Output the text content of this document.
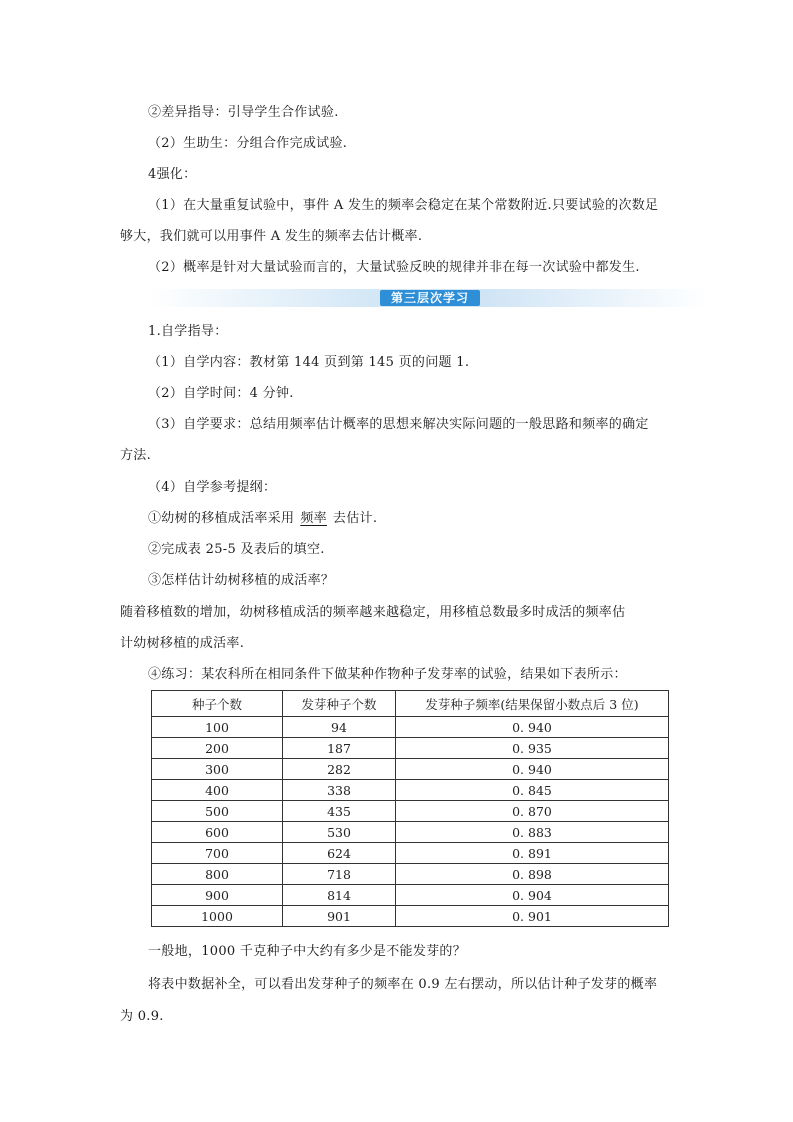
②差异指导：引导学生合作试验.
（2）生助生：分组合作完成试验.
4强化：
（1）在大量重复试验中，事件 A 发生的频率会稳定在某个常数附近.只要试验的次数足
够大，我们就可以用事件 A 发生的频率去估计概率.
（2）概率是针对大量试验而言的，大量试验反映的规律并非在每一次试验中都发生.
第三层次学习
1.自学指导：
（1）自学内容：教材第 144 页到第 145 页的问题 1.
（2）自学时间：4 分钟.
（3）自学要求：总结用频率估计概率的思想来解决实际问题的一般思路和频率的确定
方法.
（4）自学参考提纲：
①幼树的移植成活率采用 频率 去估计.
②完成表 25-5 及表后的填空.
③怎样估计幼树移植的成活率？
随着移植数的增加，幼树移植成活的频率越来越稳定，用移植总数最多时成活的频率估
计幼树移植的成活率.
④练习：某农科所在相同条件下做某种作物种子发芽率的试验，结果如下表所示：
种子个数	发芽种子个数	发芽种子频率(结果保留小数点后 3 位)
100	94	0. 940
200	187	0. 935
300	282	0. 940
400	338	0. 845
500	435	0. 870
600	530	0. 883
700	624	0. 891
800	718	0. 898
900	814	0. 904
1000	901	0. 901
一般地，1000 千克种子中大约有多少是不能发芽的？
将表中数据补全，可以看出发芽种子的频率在 0.9 左右摆动，所以估计种子发芽的概率
为 0.9.
